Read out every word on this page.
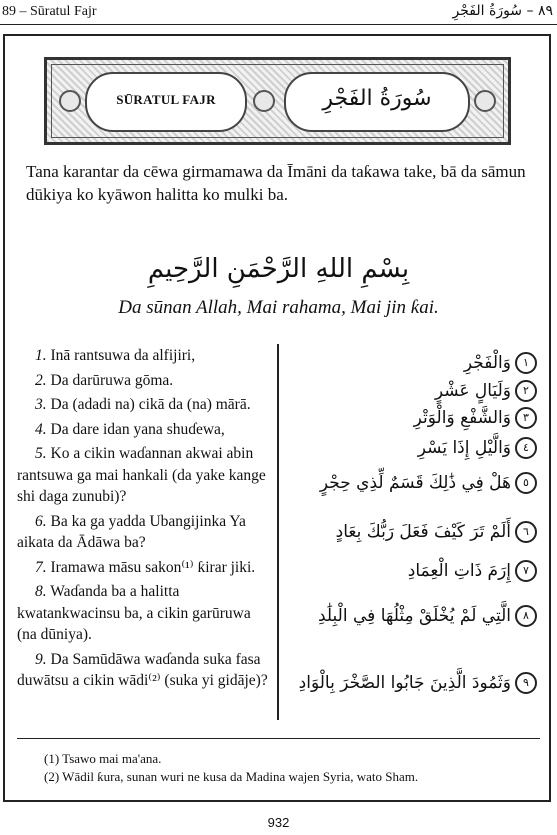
89 – Sūratul Fajr	٨٩ – سُورَةُ الفَجْرِ
SŪRATUL FAJR	سُورَةُ الفَجْرِ
Tana karantar da cēwa girmamawa da Īmāni da taƙawa take, bā da sāmun dūkiya ko kyāwon halitta ko mulki ba.
بِسْمِ اللهِ الرَّحْمَنِ الرَّحِيمِ
Da sūnan Allah, Mai rahama, Mai jin ƙai.
1. Inā rantsuwa da alfijiri,
2. Da darūruwa gōma.
3. Da (adadi na) cikā da (na) mārā.
4. Da dare idan yana shuɗewa,
5. Ko a cikin waɗannan akwai abin rantsuwa ga mai hankali (da yake kange shi daga zunubi)?
6. Ba ka ga yadda Ubangijinka Ya aikata da Ādāwa ba?
7. Iramawa māsu sakon⁽¹⁾ ƙirar jiki.
8. Waɗanda ba a halitta kwatankwacinsu ba, a cikin garūruwa (na dūniya).
9. Da Samūdāwa waɗanda suka fasa duwātsu a cikin wādi⁽²⁾ (suka yi gidāje)?
وَالْفَجْرِ ١
وَلَيَالٍ عَشْرٍ ٢
وَالشَّفْعِ وَالْوَتْرِ ٣
وَالَّيْلِ إِذَا يَسْرِ ٤
هَلْ فِي ذَٰلِكَ قَسَمٌ لِّذِي حِجْرٍ ٥
أَلَمْ تَرَ كَيْفَ فَعَلَ رَبُّكَ بِعَادٍ ٦
إِرَمَ ذَاتِ الْعِمَادِ ٧
الَّتِي لَمْ يُخْلَقْ مِثْلُهَا فِي الْبِلَٰدِ ٨
وَثَمُودَ الَّذِينَ جَابُوا الصَّخْرَ بِالْوَادِ ٩
(1) Tsawo mai ma'ana.
(2) Wādil ƙura, sunan wuri ne kusa da Madina wajen Syria, wato Sham.
932
